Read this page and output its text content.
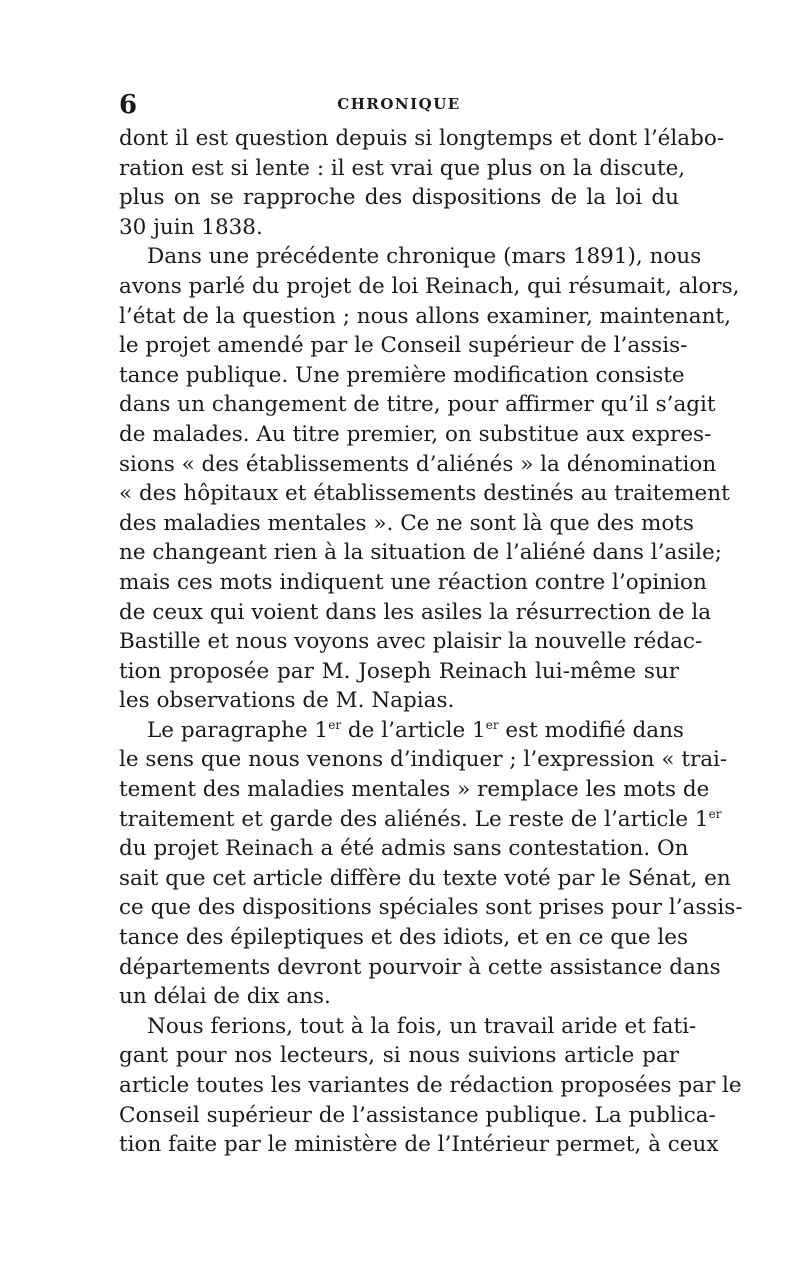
6	CHRONIQUE
dont il est question depuis si longtemps et dont l’élabo-
ration est si lente : il est vrai que plus on la discute,
plus on se rapproche des dispositions de la loi du
30 juin 1838.
Dans une précédente chronique (mars 1891), nous
avons parlé du projet de loi Reinach, qui résumait, alors,
l’état de la question ; nous allons examiner, maintenant,
le projet amendé par le Conseil supérieur de l’assis-
tance publique. Une première modification consiste
dans un changement de titre, pour affirmer qu’il s’agit
de malades. Au titre premier, on substitue aux expres-
sions « des établissements d’aliénés » la dénomination
« des hôpitaux et établissements destinés au traitement
des maladies mentales ». Ce ne sont là que des mots
ne changeant rien à la situation de l’aliéné dans l’asile;
mais ces mots indiquent une réaction contre l’opinion
de ceux qui voient dans les asiles la résurrection de la
Bastille et nous voyons avec plaisir la nouvelle rédac-
tion proposée par M. Joseph Reinach lui-même sur
les observations de M. Napias.
Le paragraphe 1er de l’article 1er est modifié dans
le sens que nous venons d’indiquer ; l’expression « trai-
tement des maladies mentales » remplace les mots de
traitement et garde des aliénés. Le reste de l’article 1er
du projet Reinach a été admis sans contestation. On
sait que cet article diffère du texte voté par le Sénat, en
ce que des dispositions spéciales sont prises pour l’assis-
tance des épileptiques et des idiots, et en ce que les
départements devront pourvoir à cette assistance dans
un délai de dix ans.
Nous ferions, tout à la fois, un travail aride et fati-
gant pour nos lecteurs, si nous suivions article par
article toutes les variantes de rédaction proposées par le
Conseil supérieur de l’assistance publique. La publica-
tion faite par le ministère de l’Intérieur permet, à ceux
